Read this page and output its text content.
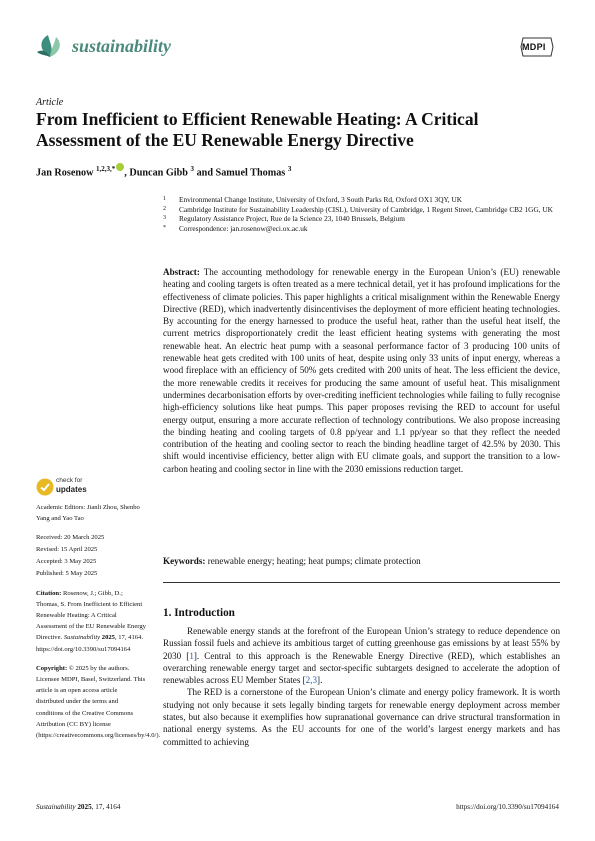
sustainability	MDPI
Article
From Inefficient to Efficient Renewable Heating: A Critical Assessment of the EU Renewable Energy Directive
Jan Rosenow $^{1,2,3,*}$ , Duncan Gibb $^3$ and Samuel Thomas $^3$
1	Environmental Change Institute, University of Oxford, 3 South Parks Rd, Oxford OX1 3QY, UK
2	Cambridge Institute for Sustainability Leadership (CISL), University of Cambridge, 1 Regent Street, Cambridge CB2 1GG, UK
3	Regulatory Assistance Project, Rue de la Science 23, 1040 Brussels, Belgium
*	Correspondence: jan.rosenow@eci.ox.ac.uk
Abstract: The accounting methodology for renewable energy in the European Union’s (EU) renewable heating and cooling targets is often treated as a mere technical detail, yet it has profound implications for the effectiveness of climate policies. This paper highlights a critical misalignment within the Renewable Energy Directive (RED), which inadvertently disincentivises the deployment of more efficient heating technologies. By accounting for the energy harnessed to produce the useful heat, rather than the useful heat itself, the current metrics disproportionately credit the least efficient heating systems with generating the most renewable heat. An electric heat pump with a seasonal performance factor of 3 producing 100 units of renewable heat gets credited with 100 units of heat, despite using only 33 units of input energy, whereas a wood fireplace with an efficiency of 50% gets credited with 200 units of heat. The less efficient the device, the more renewable credits it receives for producing the same amount of useful heat. This misalignment undermines decarbonisation efforts by over-crediting inefficient technologies while failing to fully recognise high-efficiency solutions like heat pumps. This paper proposes revising the RED to account for useful energy output, ensuring a more accurate reflection of technology contributions. We also propose increasing the binding heating and cooling targets of 0.8 pp/year and 1.1 pp/year so that they reflect the needed contribution of the heating and cooling sector to reach the binding headline target of 42.5% by 2030. This shift would incentivise efficiency, better align with EU climate goals, and support the transition to a low-carbon heating and cooling sector in line with the 2030 emissions reduction target.
Keywords: renewable energy; heating; heat pumps; climate protection
check for
updates

Academic Editors: Jianli Zhou, Shenbo Yang and Yao Tao

Received: 20 March 2025
Revised: 15 April 2025
Accepted: 3 May 2025
Published: 5 May 2025

Citation: Rosenow, J.; Gibb, D.; Thomas, S. From Inefficient to Efficient Renewable Heating: A Critical Assessment of the EU Renewable Energy Directive. Sustainability 2025, 17, 4164. https://doi.org/10.3390/su17094164

Copyright: © 2025 by the authors. Licensee MDPI, Basel, Switzerland. This article is an open access article distributed under the terms and conditions of the Creative Commons Attribution (CC BY) license (https://creativecommons.org/licenses/by/4.0/).

1. Introduction

Renewable energy stands at the forefront of the European Union’s strategy to reduce dependence on Russian fossil fuels and achieve its ambitious target of cutting greenhouse gas emissions by at least 55% by 2030 [1]. Central to this approach is the Renewable Energy Directive (RED), which establishes an overarching renewable energy target and sector-specific subtargets designed to accelerate the adoption of renewables across EU Member States [2,3].

The RED is a cornerstone of the European Union’s climate and energy policy framework. It is worth studying not only because it sets legally binding targets for renewable energy deployment across member states, but also because it exemplifies how supranational governance can drive structural transformation in national energy systems. As the EU accounts for one of the world’s largest energy markets and has committed to achieving

Sustainability 2025, 17, 4164	https://doi.org/10.3390/su17094164
